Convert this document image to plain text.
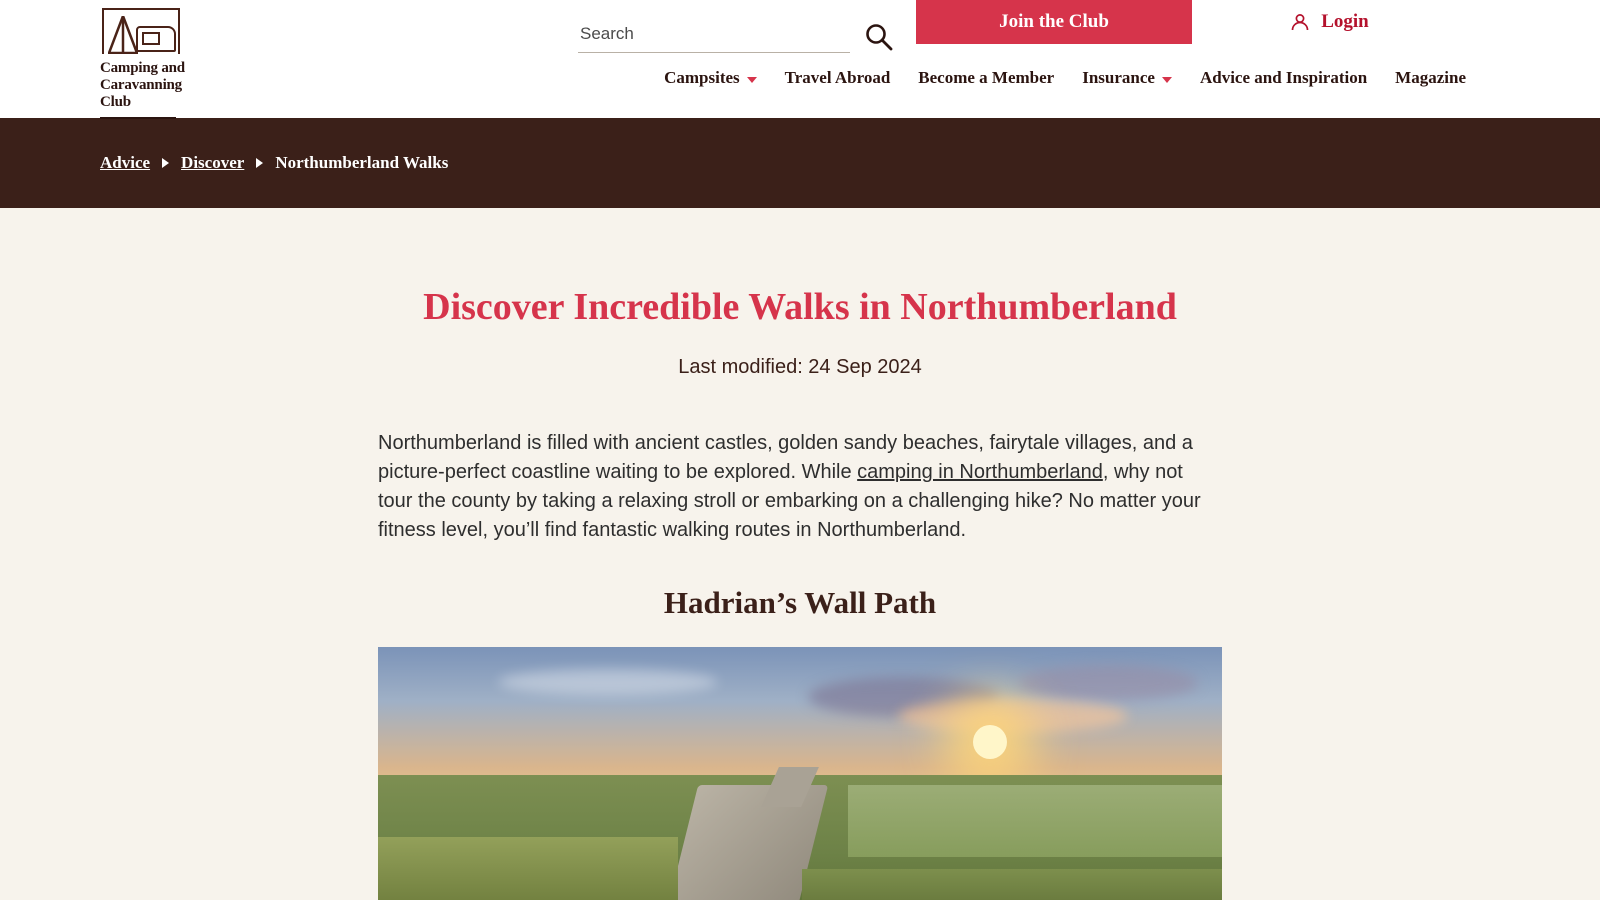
Camping and
Caravanning
Club
Search
Join the Club	Login
Campsites	Travel Abroad Become a Member Insurance	Advice and Inspiration Magazine
Advice Discover Northumberland Walks
Discover Incredible Walks in Northumberland
Last modified: 24 Sep 2024

Northumberland is filled with ancient castles, golden sandy beaches, fairytale villages, and a picture-perfect coastline waiting to be explored. While camping in Northumberland, why not tour the county by taking a relaxing stroll or embarking on a challenging hike? No matter your fitness level, you’ll find fantastic walking routes in Northumberland.

Hadrian’s Wall Path
